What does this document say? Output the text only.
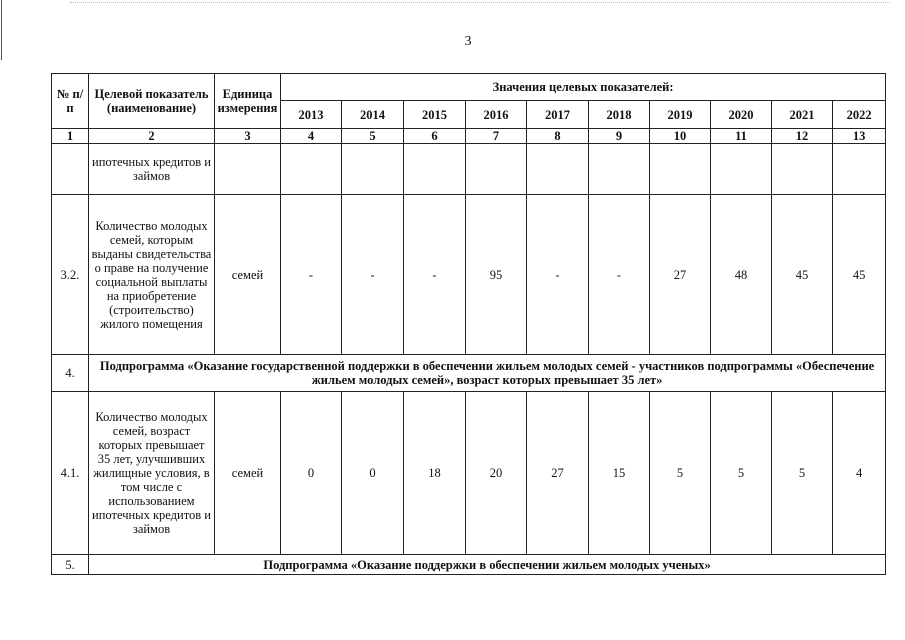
3
№ п/п	Целевой показатель (наименование)	Единица измерения	Значения целевых показателей:									
			2013	2014	2015	2016	2017	2018	2019	2020	2021	2022
1	2	3	4	5	6	7	8	9	10	11	12	13
	ипотечных кредитов и займов											
3.2.	Количество молодых семей, которым выданы свидетельства о праве на получение социальной выплаты на приобретение (строительство) жилого помещения	семей	-	-	-	95	-	-	27	48	45	45
4.	Подпрограмма «Оказание государственной поддержки в обеспечении жильем молодых семей - участников подпрограммы «Обеспечение жильем молодых семей», возраст которых превышает 35 лет»											
4.1.	Количество молодых семей, возраст которых превышает 35 лет, улучшивших жилищные условия, в том числе с использованием ипотечных кредитов и займов	семей	0	0	18	20	27	15	5	5	5	4
5.	Подпрограмма «Оказание поддержки в обеспечении жильем молодых ученых»											
